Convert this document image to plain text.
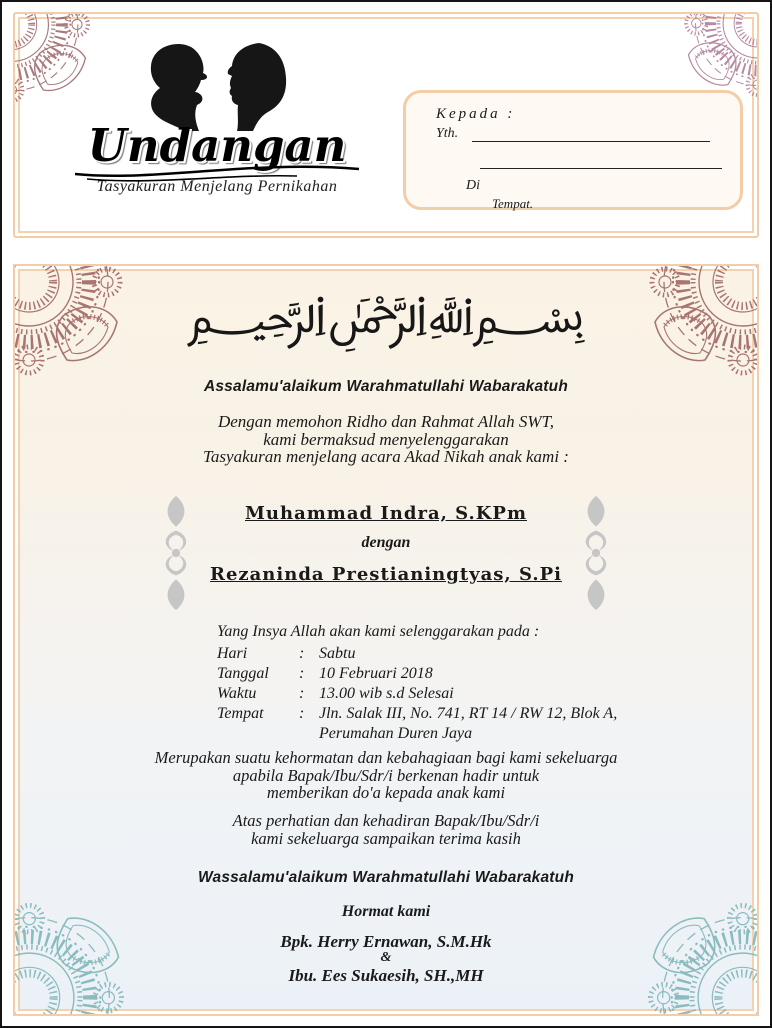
Undangan
Tasyakuran Menjelang Pernikahan
Kepada :
Yth.
Di
Tempat.
﷽
Assalamu'alaikum Warahmatullahi Wabarakatuh
Dengan memohon Ridho dan Rahmat Allah SWT,
kami bermaksud menyelenggarakan
Tasyakuran menjelang acara Akad Nikah anak kami :
Muhammad Indra, S.KPm
dengan
Rezaninda Prestianingtyas, S.Pi
Yang Insya Allah akan kami selenggarakan pada :
Hari	: Sabtu
Tanggal : 10 Februari 2018
Waktu	: 13.00 wib s.d Selesai
Tempat : Jln. Salak III, No. 741, RT 14 / RW 12, Blok A,
Perumahan Duren Jaya
Merupakan suatu kehormatan dan kebahagiaan bagi kami sekeluarga
apabila Bapak/Ibu/Sdr/i berkenan hadir untuk
memberikan do'a kepada anak kami
Atas perhatian dan kehadiran Bapak/Ibu/Sdr/i
kami sekeluarga sampaikan terima kasih
Wassalamu'alaikum Warahmatullahi Wabarakatuh
Hormat kami
Bpk. Herry Ernawan, S.M.Hk
&
Ibu. Ees Sukaesih, SH.,MH
